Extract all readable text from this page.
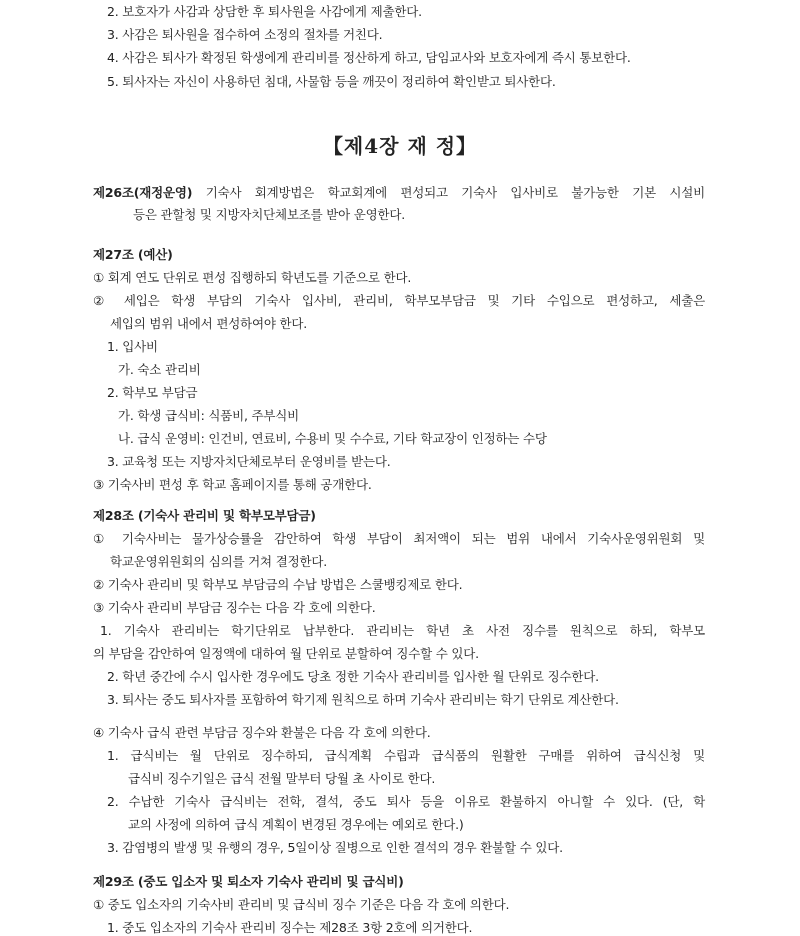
2. 보호자가 사감과 상담한 후 퇴사원을 사감에게 제출한다.
3. 사감은 퇴사원을 접수하여 소정의 절차를 거친다.
4. 사감은 퇴사가 확정된 학생에게 관리비를 정산하게 하고, 담임교사와 보호자에게 즉시 통보한다.
5. 퇴사자는 자신이 사용하던 침대, 사물함 등을 깨끗이 정리하여 확인받고 퇴사한다.
【제4장 재 정】
제26조(재정운영) 기숙사 회계방법은 학교회계에 편성되고 기숙사 입사비로 불가능한 기본 시설비
등은 관할청 및 지방자치단체보조를 받아 운영한다.
제27조 (예산)
① 회계 연도 단위로 편성 집행하되 학년도를 기준으로 한다.
② 세입은 학생 부담의 기숙사 입사비, 관리비, 학부모부담금 및 기타 수입으로 편성하고, 세출은
세입의 범위 내에서 편성하여야 한다.
1. 입사비
가. 숙소 관리비
2. 학부모 부담금
가. 학생 급식비: 식품비, 주부식비
나. 급식 운영비: 인건비, 연료비, 수용비 및 수수료, 기타 학교장이 인정하는 수당
3. 교육청 또는 지방자치단체로부터 운영비를 받는다.
③ 기숙사비 편성 후 학교 홈페이지를 통해 공개한다.
제28조 (기숙사 관리비 및 학부모부담금)
① 기숙사비는 물가상승률을 감안하여 학생 부담이 최저액이 되는 범위 내에서 기숙사운영위원회 및
학교운영위원회의 심의를 거쳐 결정한다.
② 기숙사 관리비 및 학부모 부담금의 수납 방법은 스쿨뱅킹제로 한다.
③ 기숙사 관리비 부담금 징수는 다음 각 호에 의한다.
1. 기숙사 관리비는 학기단위로 납부한다. 관리비는 학년 초 사전 징수를 원칙으로 하되, 학부모
의 부담을 감안하여 일정액에 대하여 월 단위로 분할하여 징수할 수 있다.
2. 학년 중간에 수시 입사한 경우에도 당초 정한 기숙사 관리비를 입사한 월 단위로 징수한다.
3. 퇴사는 중도 퇴사자를 포함하여 학기제 원칙으로 하며 기숙사 관리비는 학기 단위로 계산한다.
④ 기숙사 급식 관련 부담금 징수와 환불은 다음 각 호에 의한다.
1. 급식비는 월 단위로 징수하되, 급식계획 수립과 급식품의 원활한 구매를 위하여 급식신청 및
급식비 징수기일은 급식 전월 말부터 당월 초 사이로 한다.
2. 수납한 기숙사 급식비는 전학, 결석, 중도 퇴사 등을 이유로 환불하지 아니할 수 있다. (단, 학
교의 사정에 의하여 급식 계획이 변경된 경우에는 예외로 한다.)
3. 감염병의 발생 및 유행의 경우, 5일이상 질병으로 인한 결석의 경우 환불할 수 있다.
제29조 (중도 입소자 및 퇴소자 기숙사 관리비 및 급식비)
① 중도 입소자의 기숙사비 관리비 및 급식비 징수 기준은 다음 각 호에 의한다.
1. 중도 입소자의 기숙사 관리비 징수는 제28조 3항 2호에 의거한다.
